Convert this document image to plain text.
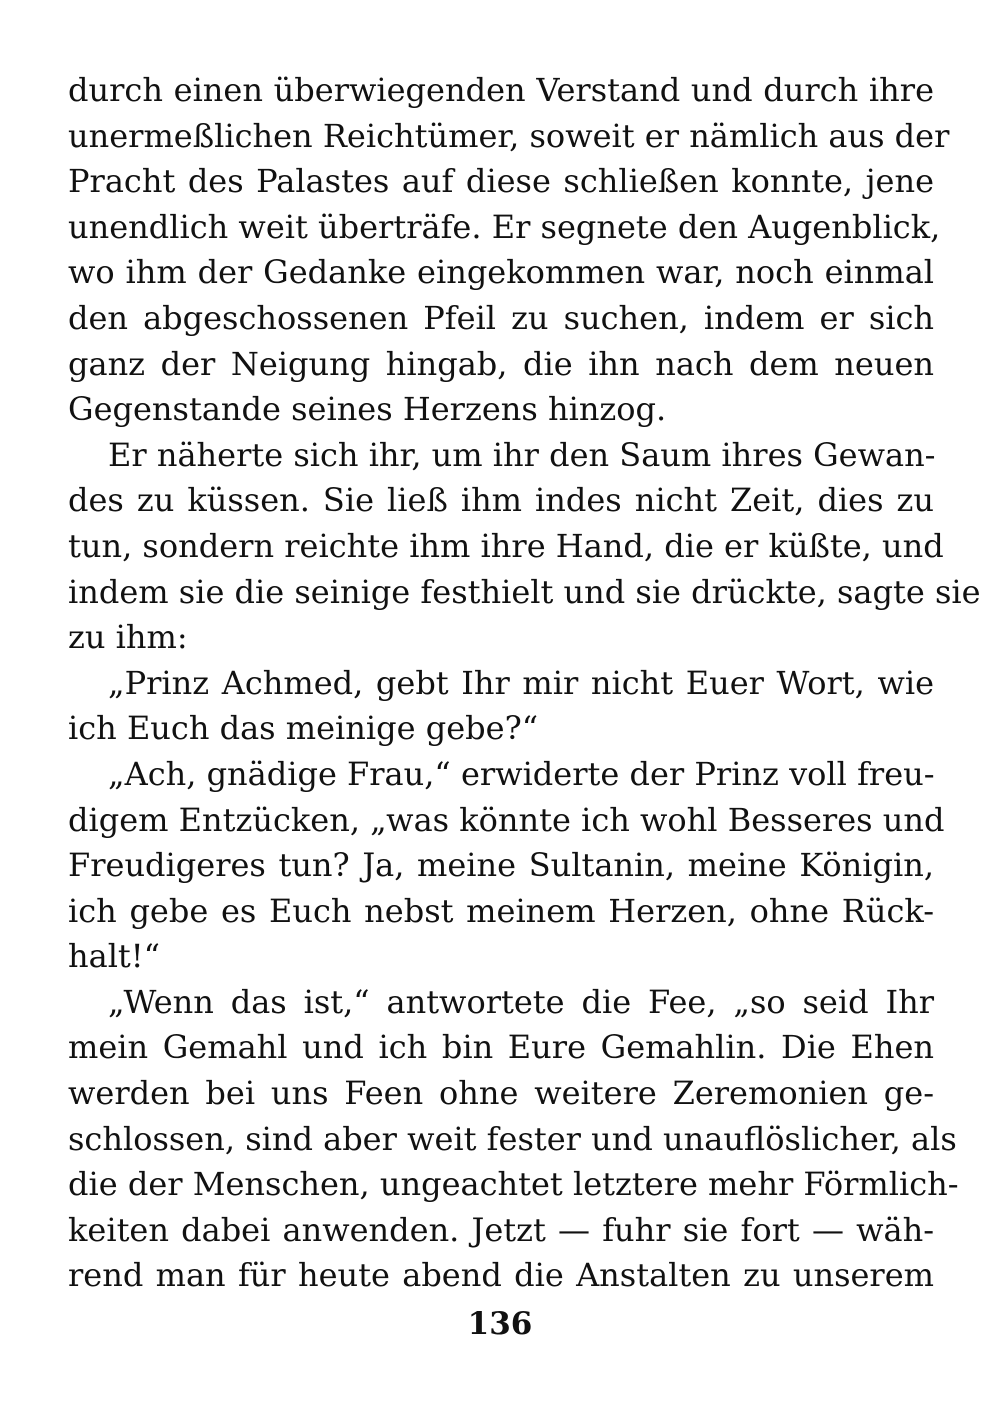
durch einen überwiegenden Verstand und durch ihre
unermeßlichen Reichtümer, soweit er nämlich aus der
Pracht des Palastes auf diese schließen konnte, jene
unendlich weit überträfe. Er segnete den Augenblick,
wo ihm der Gedanke eingekommen war, noch einmal
den abgeschossenen Pfeil zu suchen, indem er sich
ganz der Neigung hingab, die ihn nach dem neuen
Gegenstande seines Herzens hinzog.
Er näherte sich ihr, um ihr den Saum ihres Gewan-
des zu küssen. Sie ließ ihm indes nicht Zeit, dies zu
tun, sondern reichte ihm ihre Hand, die er küßte, und
indem sie die seinige festhielt und sie drückte, sagte sie
zu ihm:
„Prinz Achmed, gebt Ihr mir nicht Euer Wort, wie
ich Euch das meinige gebe?“
„Ach, gnädige Frau,“ erwiderte der Prinz voll freu-
digem Entzücken, „was könnte ich wohl Besseres und
Freudigeres tun? Ja, meine Sultanin, meine Königin,
ich gebe es Euch nebst meinem Herzen, ohne Rück-
halt!“
„Wenn das ist,“ antwortete die Fee, „so seid Ihr
mein Gemahl und ich bin Eure Gemahlin. Die Ehen
werden bei uns Feen ohne weitere Zeremonien ge-
schlossen, sind aber weit fester und unauflöslicher, als
die der Menschen, ungeachtet letztere mehr Förmlich-
keiten dabei anwenden. Jetzt — fuhr sie fort — wäh-
rend man für heute abend die Anstalten zu unserem
136
